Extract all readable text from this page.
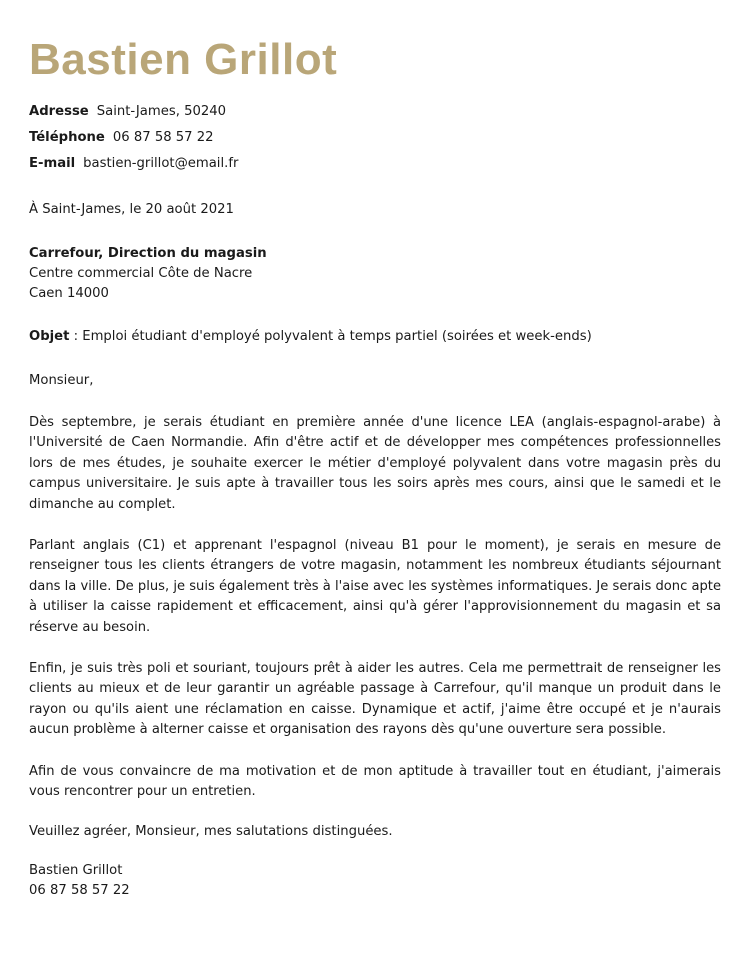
Bastien Grillot
Adresse Saint-James, 50240
Téléphone 06 87 58 57 22
E-mail bastien-grillot@email.fr
À Saint-James, le 20 août 2021
Carrefour, Direction du magasin
Centre commercial Côte de Nacre
Caen 14000
Objet : Emploi étudiant d'employé polyvalent à temps partiel (soirées et week-ends)
Monsieur,
Dès septembre, je serais étudiant en première année d'une licence LEA (anglais-espagnol-arabe) à l'Université de Caen Normandie. Afin d'être actif et de développer mes compétences professionnelles lors de mes études, je souhaite exercer le métier d'employé polyvalent dans votre magasin près du campus universitaire. Je suis apte à travailler tous les soirs après mes cours, ainsi que le samedi et le dimanche au complet.
Parlant anglais (C1) et apprenant l'espagnol (niveau B1 pour le moment), je serais en mesure de renseigner tous les clients étrangers de votre magasin, notamment les nombreux étudiants séjournant dans la ville. De plus, je suis également très à l'aise avec les systèmes informatiques. Je serais donc apte à utiliser la caisse rapidement et efficacement, ainsi qu'à gérer l'approvisionnement du magasin et sa réserve au besoin.
Enfin, je suis très poli et souriant, toujours prêt à aider les autres. Cela me permettrait de renseigner les clients au mieux et de leur garantir un agréable passage à Carrefour, qu'il manque un produit dans le rayon ou qu'ils aient une réclamation en caisse. Dynamique et actif, j'aime être occupé et je n'aurais aucun problème à alterner caisse et organisation des rayons dès qu'une ouverture sera possible.
Afin de vous convaincre de ma motivation et de mon aptitude à travailler tout en étudiant, j'aimerais vous rencontrer pour un entretien.
Veuillez agréer, Monsieur, mes salutations distinguées.
Bastien Grillot
06 87 58 57 22
